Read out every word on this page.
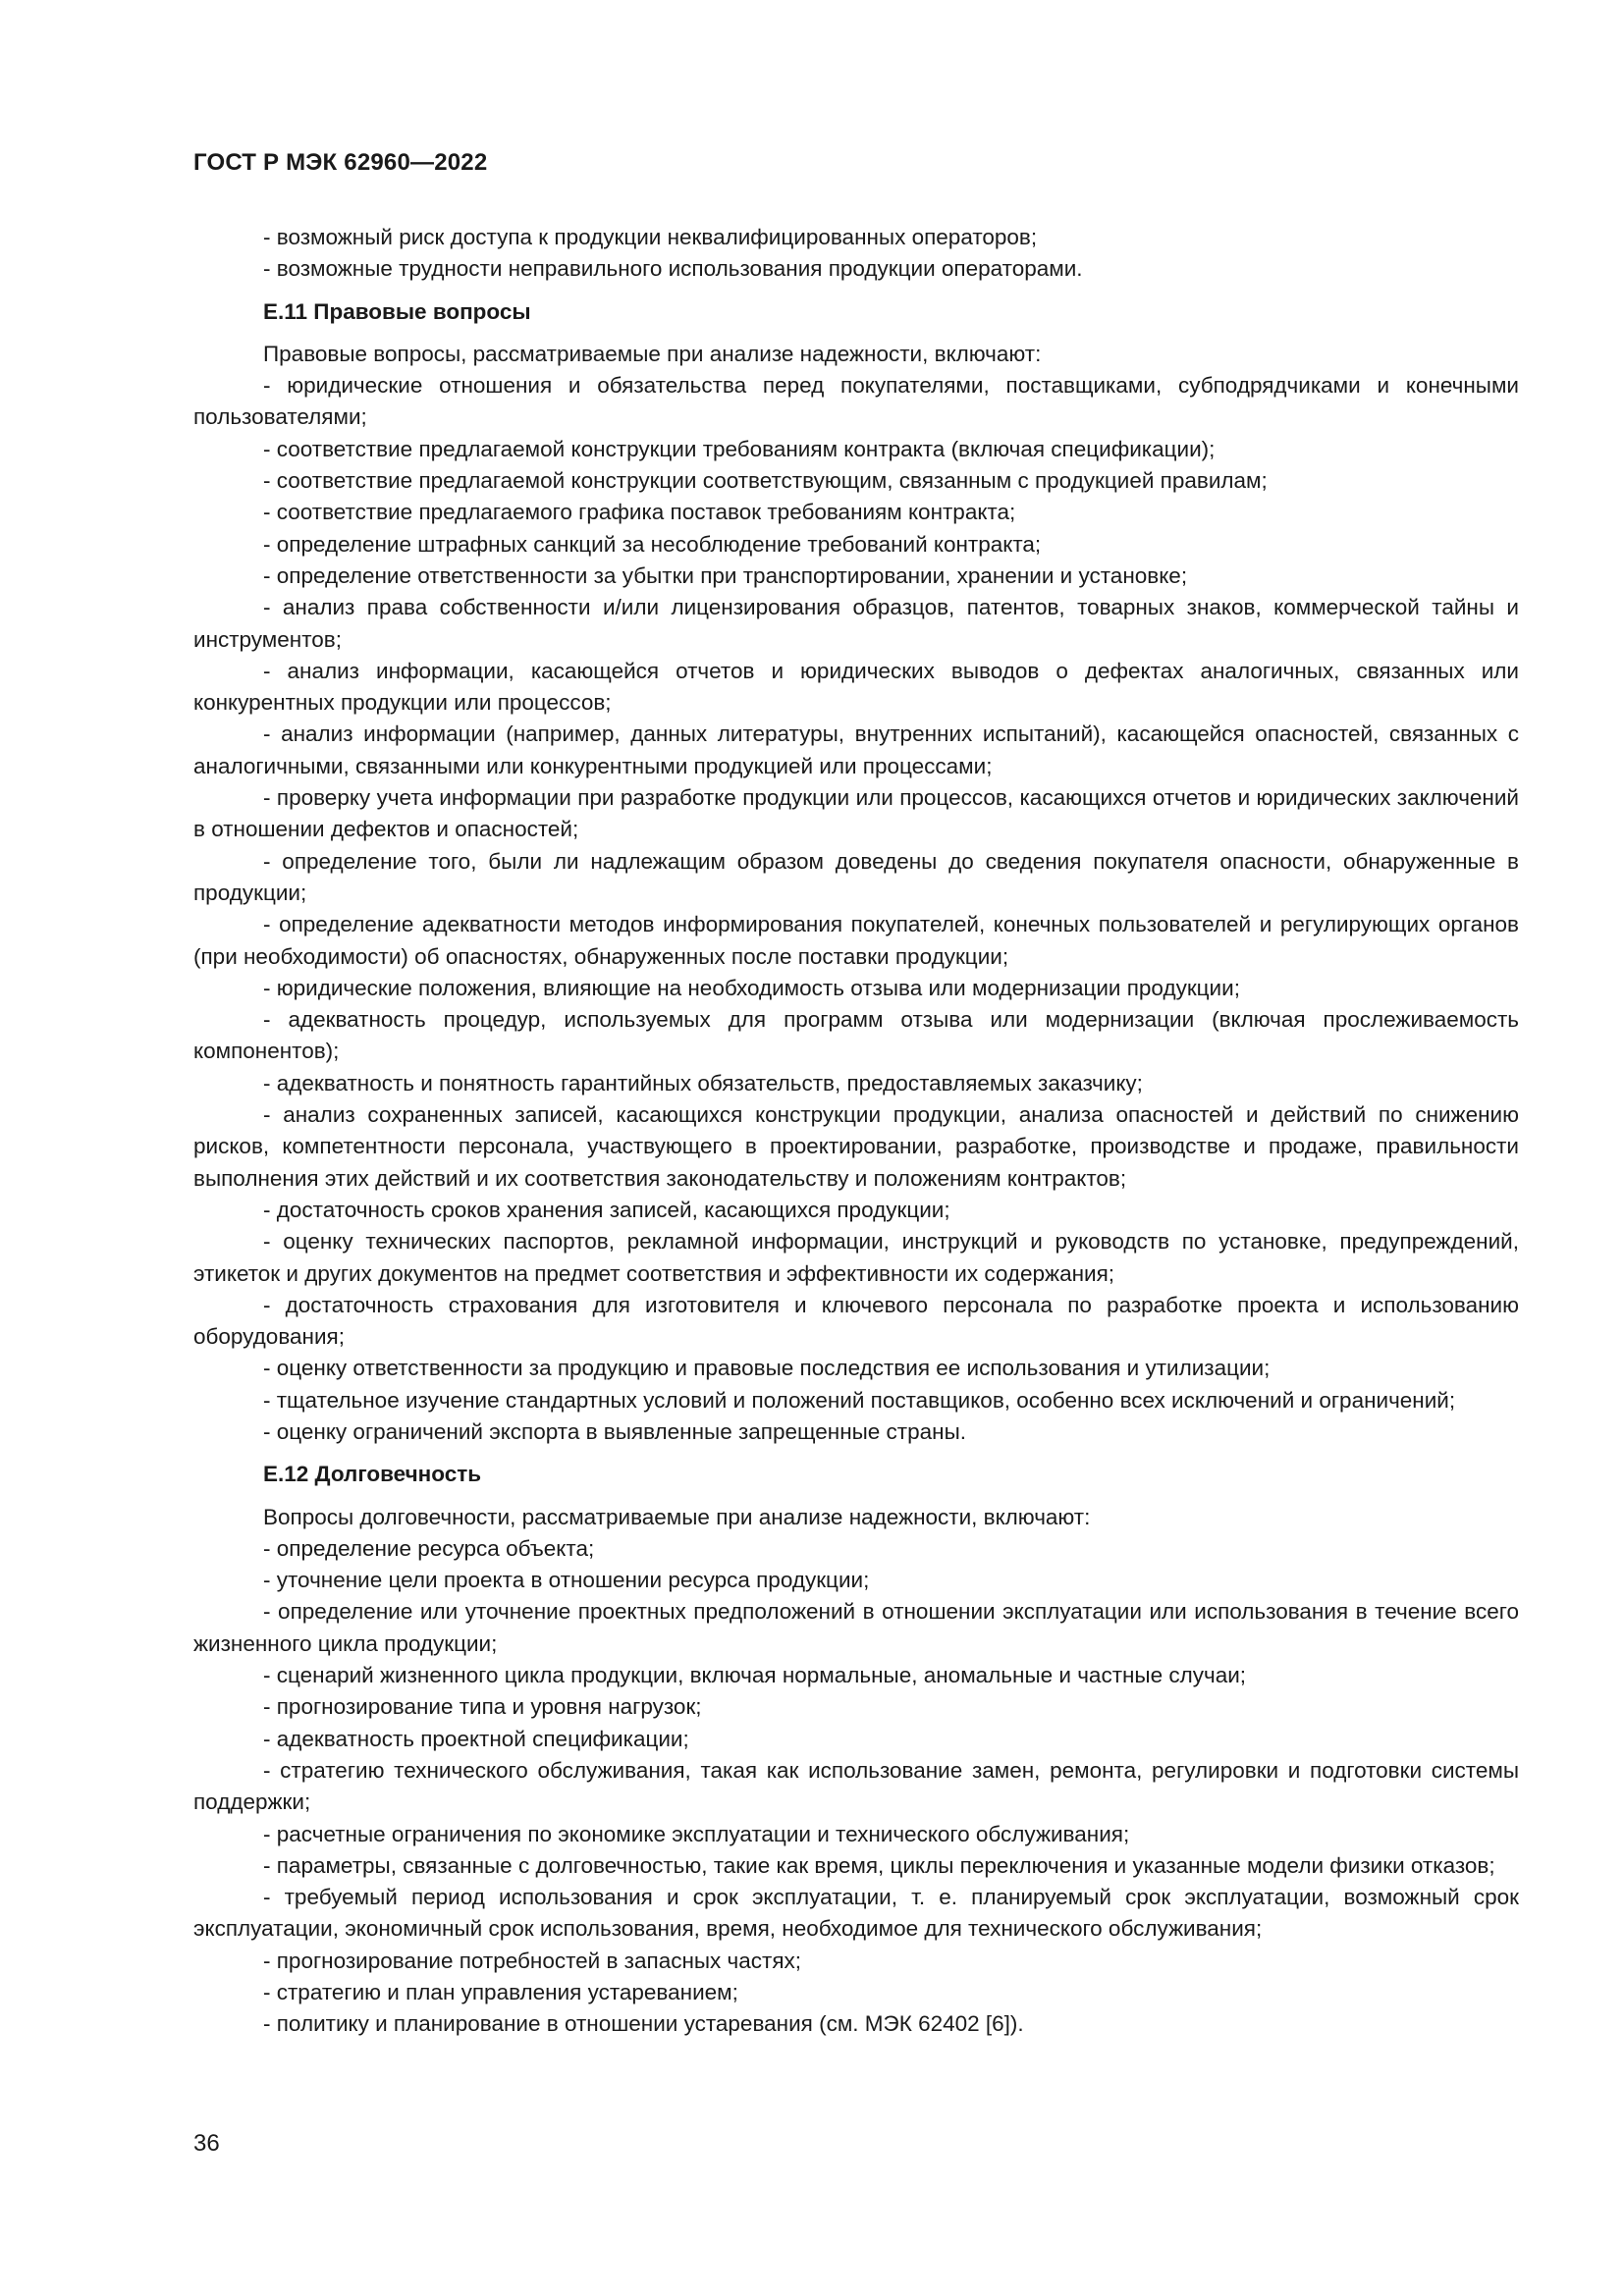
ГОСТ Р МЭК 62960—2022

- возможный риск доступа к продукции неквалифицированных операторов;

- возможные трудности неправильного использования продукции операторами.

Е.11 Правовые вопросы

Правовые вопросы, рассматриваемые при анализе надежности, включают:

- юридические отношения и обязательства перед покупателями, поставщиками, субподрядчиками и конечными пользователями;

- соответствие предлагаемой конструкции требованиям контракта (включая спецификации);

- соответствие предлагаемой конструкции соответствующим, связанным с продукцией правилам;

- соответствие предлагаемого графика поставок требованиям контракта;

- определение штрафных санкций за несоблюдение требований контракта;

- определение ответственности за убытки при транспортировании, хранении и установке;

- анализ права собственности и/или лицензирования образцов, патентов, товарных знаков, коммерческой тайны и инструментов;

- анализ информации, касающейся отчетов и юридических выводов о дефектах аналогичных, связанных или конкурентных продукции или процессов;

- анализ информации (например, данных литературы, внутренних испытаний), касающейся опасностей, связанных с аналогичными, связанными или конкурентными продукцией или процессами;

- проверку учета информации при разработке продукции или процессов, касающихся отчетов и юридических заключений в отношении дефектов и опасностей;

- определение того, были ли надлежащим образом доведены до сведения покупателя опасности, обнаруженные в продукции;

- определение адекватности методов информирования покупателей, конечных пользователей и регулирующих органов (при необходимости) об опасностях, обнаруженных после поставки продукции;

- юридические положения, влияющие на необходимость отзыва или модернизации продукции;

- адекватность процедур, используемых для программ отзыва или модернизации (включая прослеживаемость компонентов);

- адекватность и понятность гарантийных обязательств, предоставляемых заказчику;

- анализ сохраненных записей, касающихся конструкции продукции, анализа опасностей и действий по снижению рисков, компетентности персонала, участвующего в проектировании, разработке, производстве и продаже, правильности выполнения этих действий и их соответствия законодательству и положениям контрактов;

- достаточность сроков хранения записей, касающихся продукции;

- оценку технических паспортов, рекламной информации, инструкций и руководств по установке, предупреждений, этикеток и других документов на предмет соответствия и эффективности их содержания;

- достаточность страхования для изготовителя и ключевого персонала по разработке проекта и использованию оборудования;

- оценку ответственности за продукцию и правовые последствия ее использования и утилизации;

- тщательное изучение стандартных условий и положений поставщиков, особенно всех исключений и ограничений;

- оценку ограничений экспорта в выявленные запрещенные страны.

Е.12 Долговечность

Вопросы долговечности, рассматриваемые при анализе надежности, включают:

- определение ресурса объекта;

- уточнение цели проекта в отношении ресурса продукции;

- определение или уточнение проектных предположений в отношении эксплуатации или использования в течение всего жизненного цикла продукции;

- сценарий жизненного цикла продукции, включая нормальные, аномальные и частные случаи;

- прогнозирование типа и уровня нагрузок;

- адекватность проектной спецификации;

- стратегию технического обслуживания, такая как использование замен, ремонта, регулировки и подготовки системы поддержки;

- расчетные ограничения по экономике эксплуатации и технического обслуживания;

- параметры, связанные с долговечностью, такие как время, циклы переключения и указанные модели физики отказов;

- требуемый период использования и срок эксплуатации, т. е. планируемый срок эксплуатации, возможный срок эксплуатации, экономичный срок использования, время, необходимое для технического обслуживания;

- прогнозирование потребностей в запасных частях;

- стратегию и план управления устареванием;

- политику и планирование в отношении устаревания (см. МЭК 62402 [6]).

36
